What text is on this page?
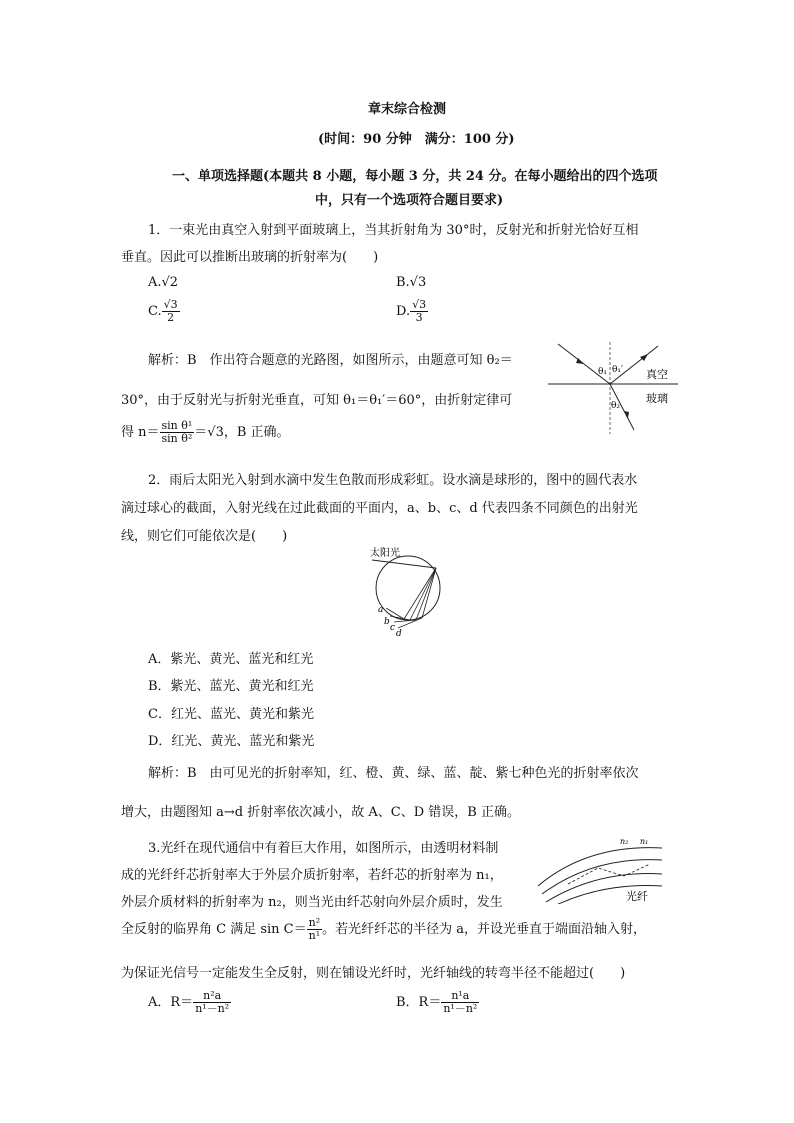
章末综合检测
(时间：90 分钟　满分：100 分)
一、单项选择题(本题共 8 小题，每小题 3 分，共 24 分。在每小题给出的四个选项
中，只有一个选项符合题目要求)
1．一束光由真空入射到平面玻璃上，当其折射角为 30°时，反射光和折射光恰好互相
垂直。因此可以推断出玻璃的折射率为(　　)
A.√2	B.√3
C. $\frac{√3}{2}$	D. $\frac{√3}{3}$
解析：B　作出符合题意的光路图，如图所示，由题意可知 θ₂＝
30°，由于反射光与折射光垂直，可知 θ₁＝θ₁′＝60°，由折射定律可
得 $n= \frac{\text{sin θ¹}}{\text{sin θ²}} =√3$，B 正确。
θ₁ θ₁′
θ₂
真空
玻璃
2．雨后太阳光入射到水滴中发生色散而形成彩虹。设水滴是球形的，图中的圆代表水
滴过球心的截面，入射光线在过此截面的平面内，a、b、c、d 代表四条不同颜色的出射光
线，则它们可能依次是(　　)
太阳光
a
b
c
d
A．紫光、黄光、蓝光和红光
B．紫光、蓝光、黄光和红光
C．红光、蓝光、黄光和紫光
D．红光、黄光、蓝光和紫光
解析：B　由可见光的折射率知，红、橙、黄、绿、蓝、靛、紫七种色光的折射率依次
增大，由题图知 a→d 折射率依次减小，故 A、C、D 错误，B 正确。
3.光纤在现代通信中有着巨大作用，如图所示，由透明材料制
成的光纤纤芯折射率大于外层介质折射率，若纤芯的折射率为 n₁，
外层介质材料的折射率为 n₂，则当光由纤芯射向外层介质时，发生
全反射的临界角 C 满足 $\sin C= \frac{\text{n²}}{\text{n¹}}$ 。若光纤纤芯的半径为 a，并设光垂直于端面沿轴入射，
为保证光信号一定能发生全反射，则在铺设光纤时，光纤轴线的转弯半径不能超过(　　)
n₂ n₁
光纤
A．$R= \frac{\text{n²a}}{\text{n¹－n²}}$	B．$R= \frac{\text{n¹a}}{\text{n¹－n²}}$
